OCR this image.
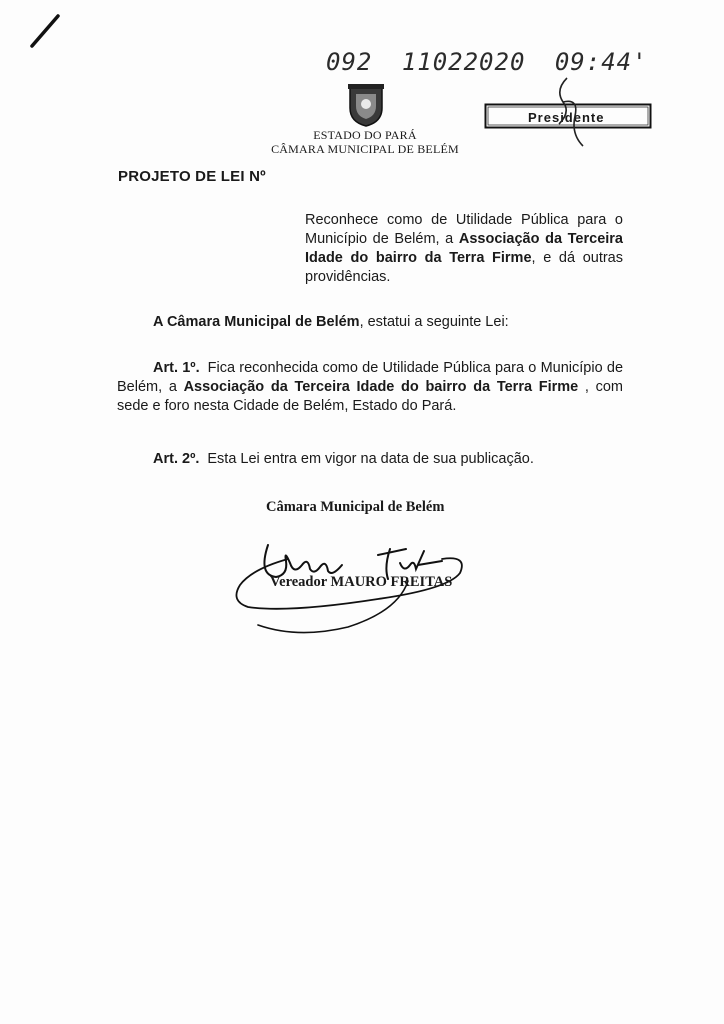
092 11022020 09:44'
ESTADO DO PARÁ
CÂMARA MUNICIPAL DE BELÉM
Presidente
PROJETO DE LEI Nº
Reconhece como de Utilidade Pública para o Município de Belém, a Associação da Terceira Idade do bairro da Terra Firme, e dá outras providências.
A Câmara Municipal de Belém, estatui a seguinte Lei:
Art. 1º. Fica reconhecida como de Utilidade Pública para o Município de Belém, a Associação da Terceira Idade do bairro da Terra Firme , com sede e foro nesta Cidade de Belém, Estado do Pará.
Art. 2º. Esta Lei entra em vigor na data de sua publicação.
Câmara Municipal de Belém
Vereador MAURO FREITAS
